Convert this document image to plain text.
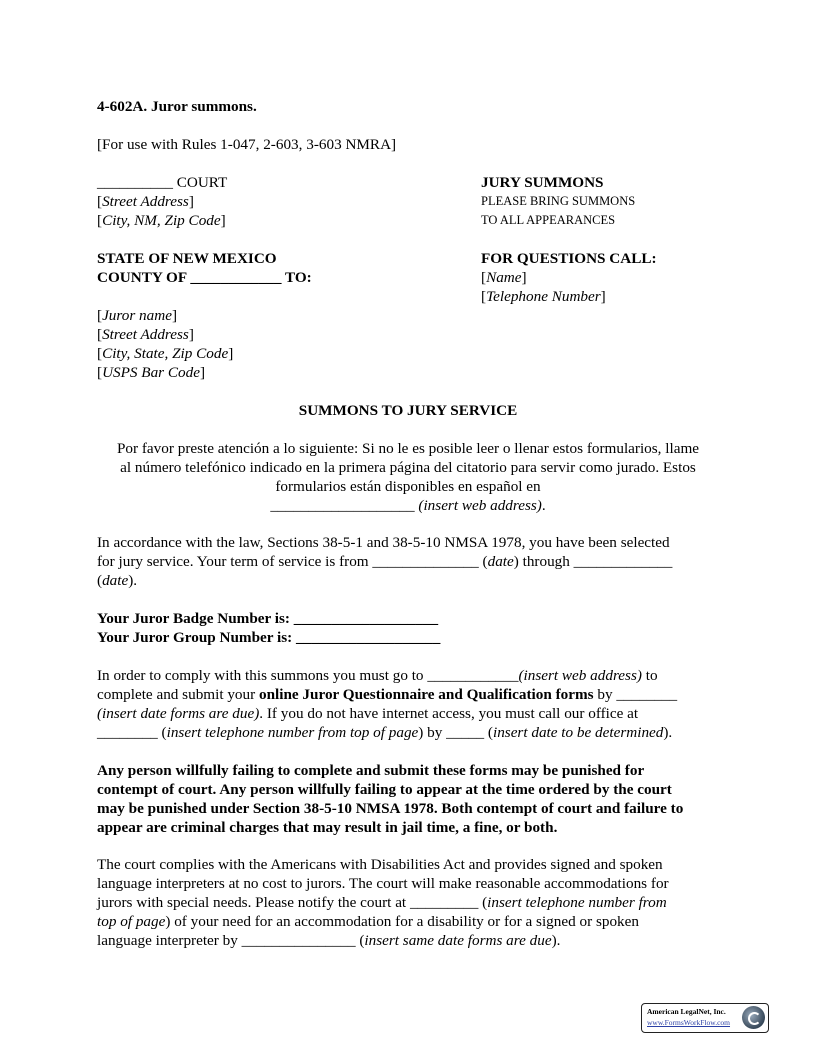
4-602A. Juror summons.

[For use with Rules 1-047, 2-603, 3-603 NMRA]

__________ COURT

[Street Address]

[City, NM, Zip Code]

JURY SUMMONS

PLEASE BRING SUMMONS

TO ALL APPEARANCES

STATE OF NEW MEXICO

COUNTY OF ____________ TO:

FOR QUESTIONS CALL:

[Name]

[Telephone Number]

[Juror name]

[Street Address]

[City, State, Zip Code]

[USPS Bar Code]

SUMMONS TO JURY SERVICE

Por favor preste atención a lo siguiente: Si no le es posible leer o llenar estos formularios, llame

al número telefónico indicado en la primera página del citatorio para servir como jurado. Estos

formularios están disponibles en español en

___________________ (insert web address).

In accordance with the law, Sections 38-5-1 and 38-5-10 NMSA 1978, you have been selected

for jury service. Your term of service is from ______________ (date) through _____________

(date).

Your Juror Badge Number is: ___________________

Your Juror Group Number is: ___________________

In order to comply with this summons you must go to ____________(insert web address) to

complete and submit your online Juror Questionnaire and Qualification forms by ________

(insert date forms are due). If you do not have internet access, you must call our office at

________ (insert telephone number from top of page) by _____ (insert date to be determined).

Any person willfully failing to complete and submit these forms may be punished for

contempt of court. Any person willfully failing to appear at the time ordered by the court

may be punished under Section 38-5-10 NMSA 1978. Both contempt of court and failure to

appear are criminal charges that may result in jail time, a fine, or both.

The court complies with the Americans with Disabilities Act and provides signed and spoken

language interpreters at no cost to jurors. The court will make reasonable accommodations for

jurors with special needs. Please notify the court at _________ (insert telephone number from

top of page) of your need for an accommodation for a disability or for a signed or spoken

language interpreter by _______________ (insert same date forms are due).

American LegalNet, Inc.
www.FormsWorkFlow.com
